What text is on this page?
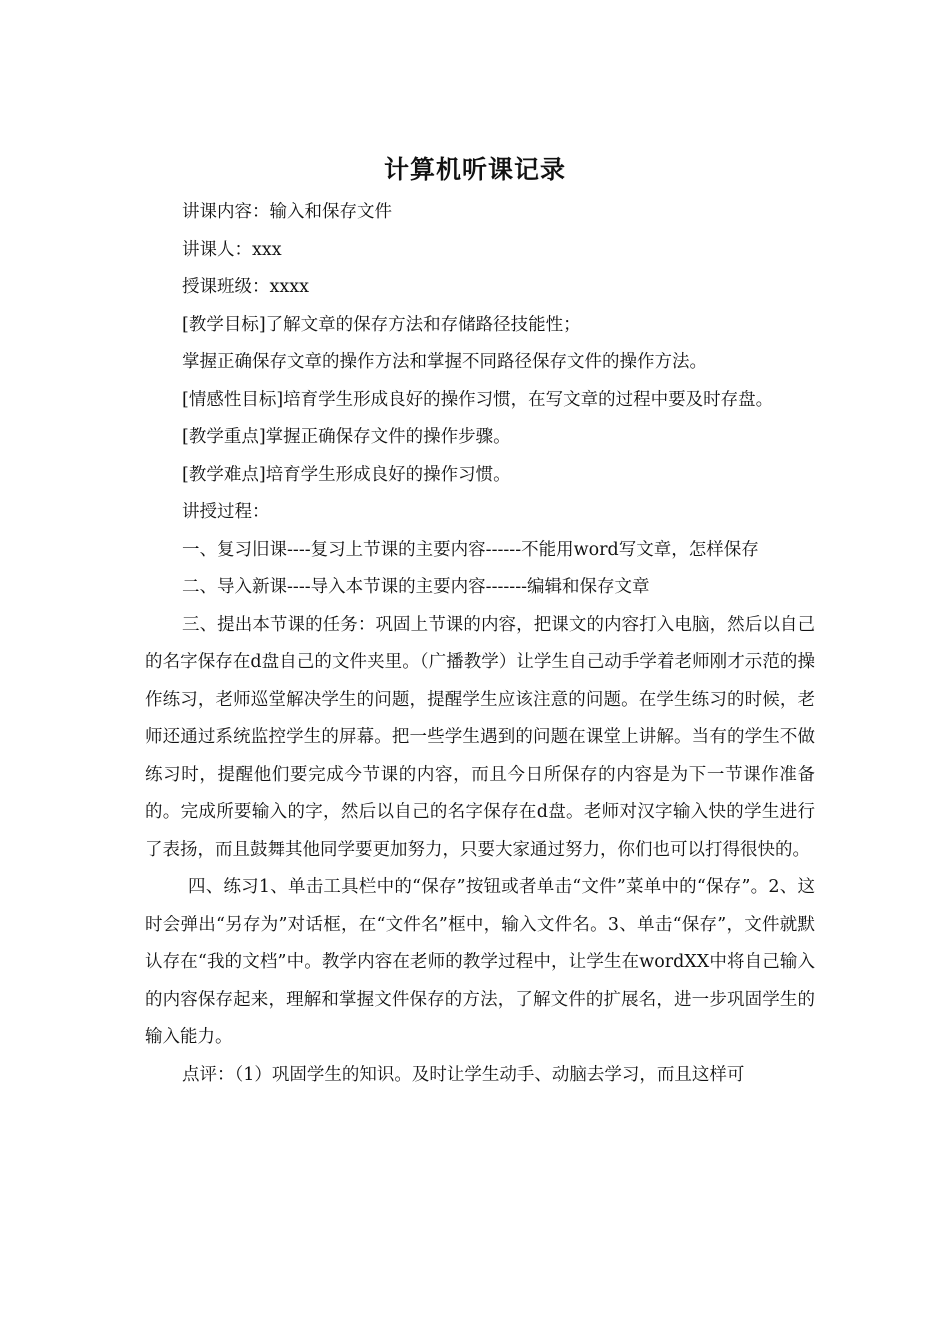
计算机听课记录

讲课内容：输入和保存文件

讲课人：xxx

授课班级：xxxx

[教学目标]了解文章的保存方法和存储路径技能性；

掌握正确保存文章的操作方法和掌握不同路径保存文件的操作方法。

[情感性目标]培育学生形成良好的操作习惯，在写文章的过程中要及时存盘。

[教学重点]掌握正确保存文件的操作步骤。

[教学难点]培育学生形成良好的操作习惯。

讲授过程：

一、复习旧课----复习上节课的主要内容------不能用word写文章，怎样保存

二、导入新课----导入本节课的主要内容-------编辑和保存文章

三、提出本节课的任务：巩固上节课的内容，把课文的内容打入电脑，然后以自己的名字保存在d盘自己的文件夹里。（广播教学）让学生自己动手学着老师刚才示范的操作练习，老师巡堂解决学生的问题，提醒学生应该注意的问题。在学生练习的时候，老师还通过系统监控学生的屏幕。把一些学生遇到的问题在课堂上讲解。当有的学生不做练习时，提醒他们要完成今节课的内容，而且今日所保存的内容是为下一节课作准备的。完成所要输入的字，然后以自己的名字保存在d盘。老师对汉字输入快的学生进行了表扬，而且鼓舞其他同学要更加努力，只要大家通过努力，你们也可以打得很快的。

四、练习1、单击工具栏中的“保存”按钮或者单击“文件”菜单中的“保存”。2、这时会弹出“另存为”对话框，在“文件名”框中，输入文件名。3、单击“保存”，文件就默认存在“我的文档”中。教学内容在老师的教学过程中，让学生在wordXX中将自己输入的内容保存起来，理解和掌握文件保存的方法，了解文件的扩展名，进一步巩固学生的输入能力。

点评：（1）巩固学生的知识。及时让学生动手、动脑去学习，而且这样可
